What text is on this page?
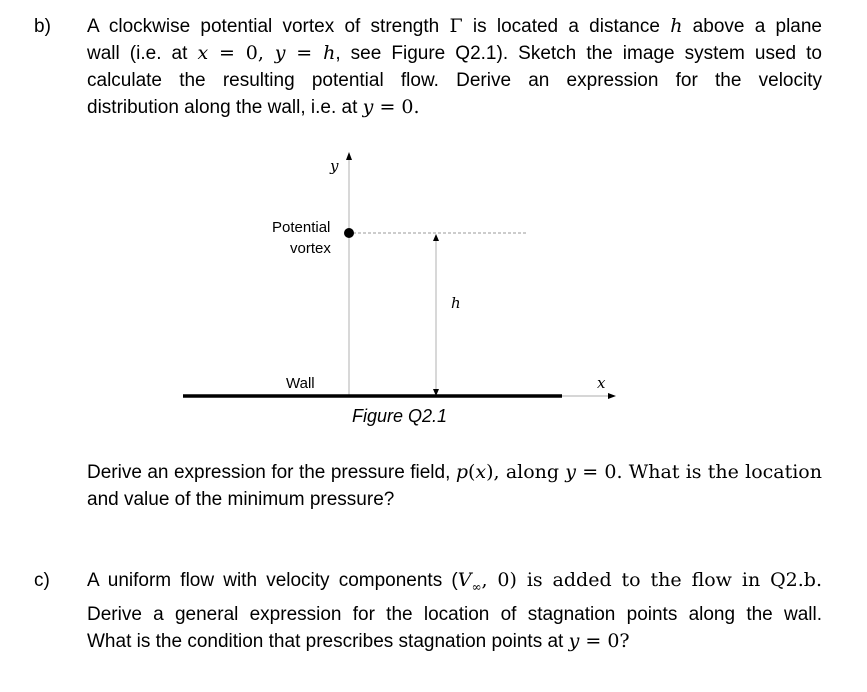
b) A clockwise potential vortex of strength Γ is located a distance h above a plane
wall (i.e. at x = 0, y = h, see Figure Q2.1). Sketch the image system used to
calculate the resulting potential flow. Derive an expression for the velocity
distribution along the wall, i.e. at y = 0.
y
x
Potential
vortex
h
Wall
Figure Q2.1
Derive an expression for the pressure field, p(x), along y = 0. What is the location
and value of the minimum pressure?
c) A uniform flow with velocity components ($V_\infty$, 0) is added to the flow in Q2.b.
Derive a general expression for the location of stagnation points along the wall.
What is the condition that prescribes stagnation points at y = 0?
